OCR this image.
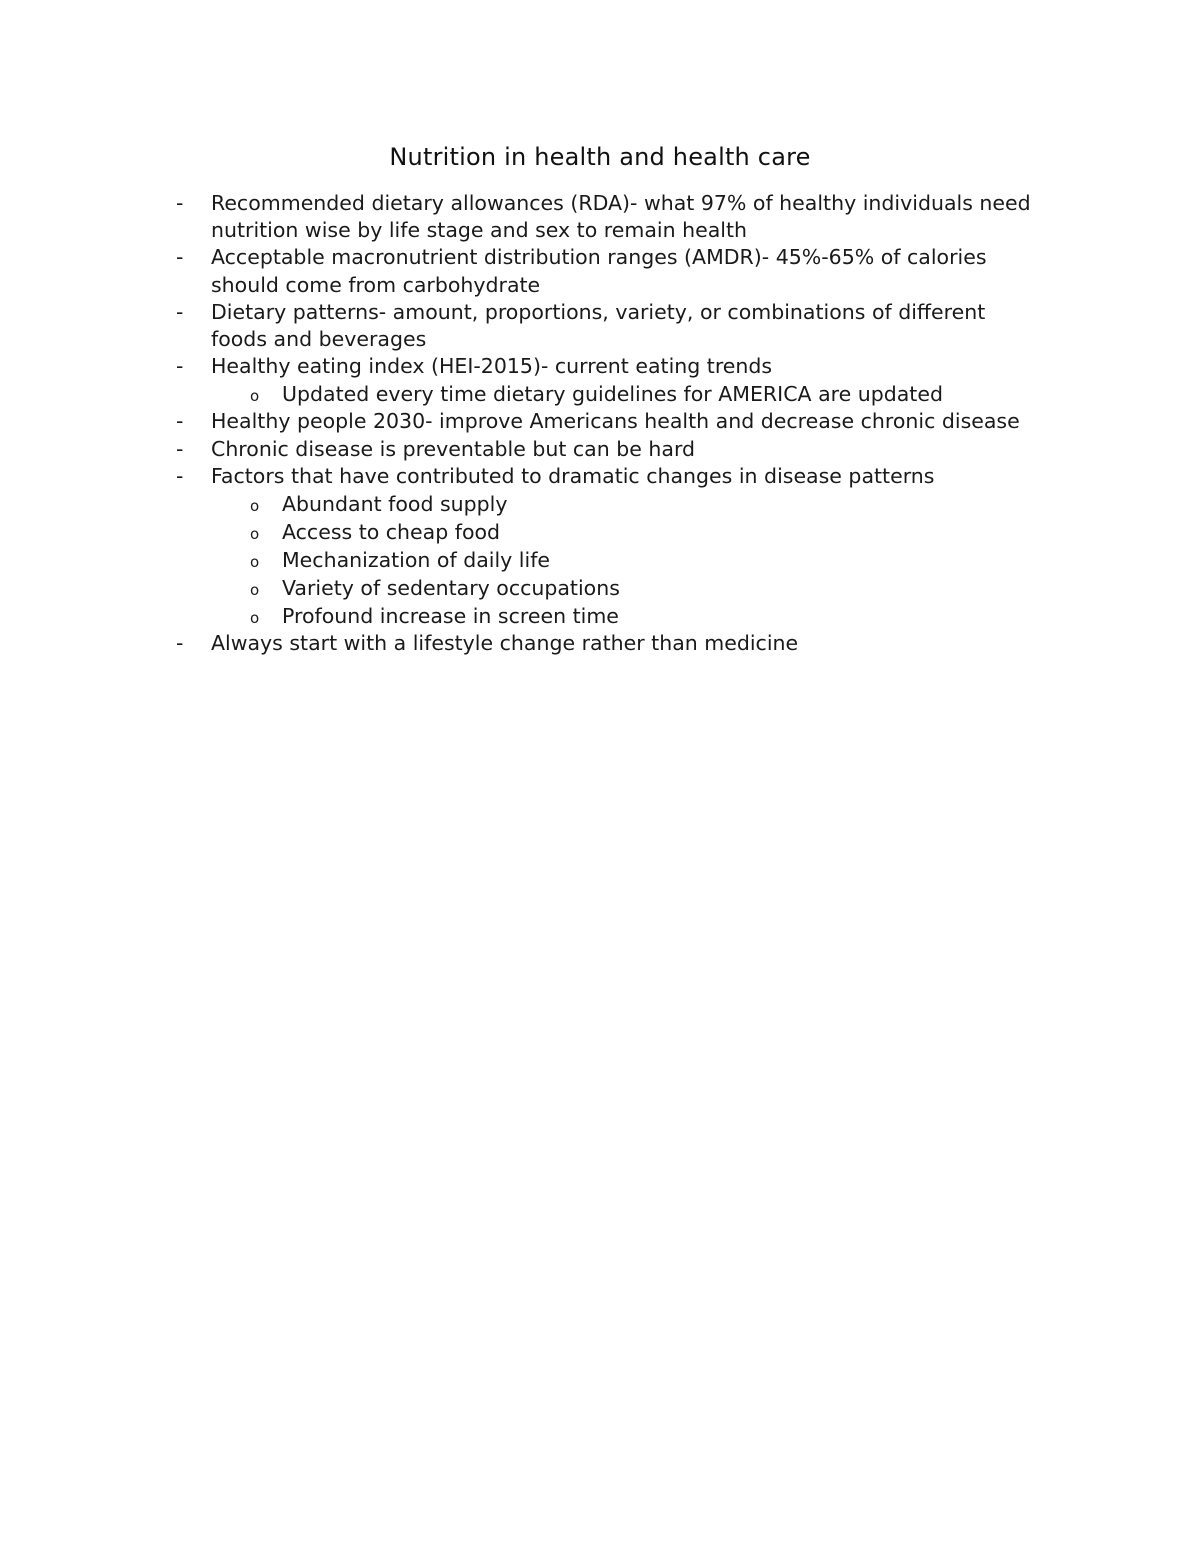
Nutrition in health and health care
- Recommended dietary allowances (RDA)- what 97% of healthy individuals need nutrition wise by life stage and sex to remain health
- Acceptable macronutrient distribution ranges (AMDR)- 45%-65% of calories should come from carbohydrate
- Dietary patterns- amount, proportions, variety, or combinations of different foods and beverages
- Healthy eating index (HEI-2015)- current eating trends
o Updated every time dietary guidelines for AMERICA are updated
- Healthy people 2030- improve Americans health and decrease chronic disease
- Chronic disease is preventable but can be hard
- Factors that have contributed to dramatic changes in disease patterns
o Abundant food supply
o Access to cheap food
o Mechanization of daily life
o Variety of sedentary occupations
o Profound increase in screen time
- Always start with a lifestyle change rather than medicine
